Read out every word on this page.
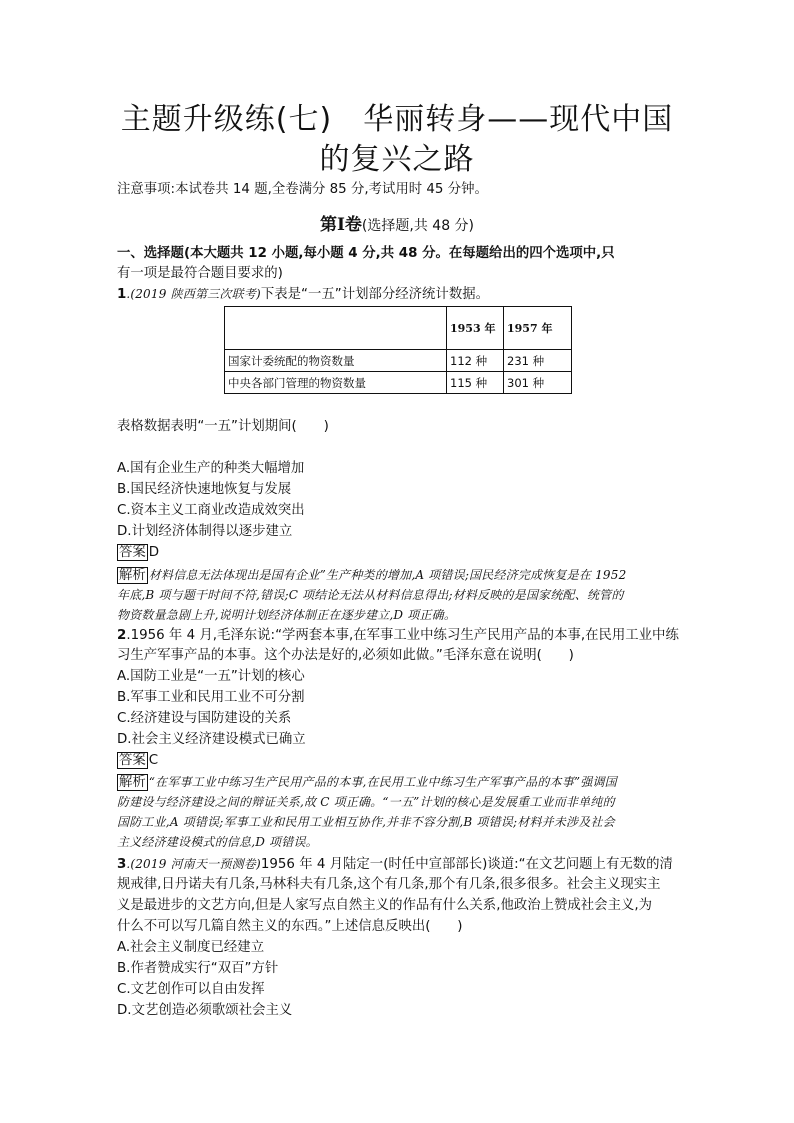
主题升级练(七)　华丽转身——现代中国
的复兴之路
注意事项:本试卷共 14 题,全卷满分 85 分,考试用时 45 分钟。
第Ⅰ卷(选择题,共 48 分)
一、选择题(本大题共 12 小题,每小题 4 分,共 48 分。在每题给出的四个选项中,只
有一项是最符合题目要求的)
1.(2019 陕西第三次联考)下表是“一五”计划部分经济统计数据。
	1953 年	1957 年
国家计委统配的物资数量	112 种	231 种
中央各部门管理的物资数量	115 种	301 种
表格数据表明“一五”计划期间(　　)
A.国有企业生产的种类大幅增加
B.国民经济快速地恢复与发展
C.资本主义工商业改造成效突出
D.计划经济体制得以逐步建立
答案 D
解析 材料信息无法体现出是国有企业”生产种类的增加,A 项错误;国民经济完成恢复是在 1952
年底,B 项与题干时间不符,错误;C 项结论无法从材料信息得出;材料反映的是国家统配、统管的
物资数量急剧上升,说明计划经济体制正在逐步建立,D 项正确。
2.1956 年 4 月,毛泽东说:“学两套本事,在军事工业中练习生产民用产品的本事,在民用工业中练
习生产军事产品的本事。这个办法是好的,必须如此做。”毛泽东意在说明(　　)
A.国防工业是“一五”计划的核心
B.军事工业和民用工业不可分割
C.经济建设与国防建设的关系
D.社会主义经济建设模式已确立
答案 C
解析 “在军事工业中练习生产民用产品的本事,在民用工业中练习生产军事产品的本事”强调国
防建设与经济建设之间的辩证关系,故 C 项正确。“一五”计划的核心是发展重工业而非单纯的
国防工业,A 项错误;军事工业和民用工业相互协作,并非不容分割,B 项错误;材料并未涉及社会
主义经济建设模式的信息,D 项错误。
3.(2019 河南天一预测卷)1956 年 4 月陆定一(时任中宣部部长)谈道:“在文艺问题上有无数的清
规戒律,日丹诺夫有几条,马林科夫有几条,这个有几条,那个有几条,很多很多。社会主义现实主
义是最进步的文艺方向,但是人家写点自然主义的作品有什么关系,他政治上赞成社会主义,为
什么不可以写几篇自然主义的东西。”上述信息反映出(　　)
A.社会主义制度已经建立
B.作者赞成实行“双百”方针
C.文艺创作可以自由发挥
D.文艺创造必须歌颂社会主义
